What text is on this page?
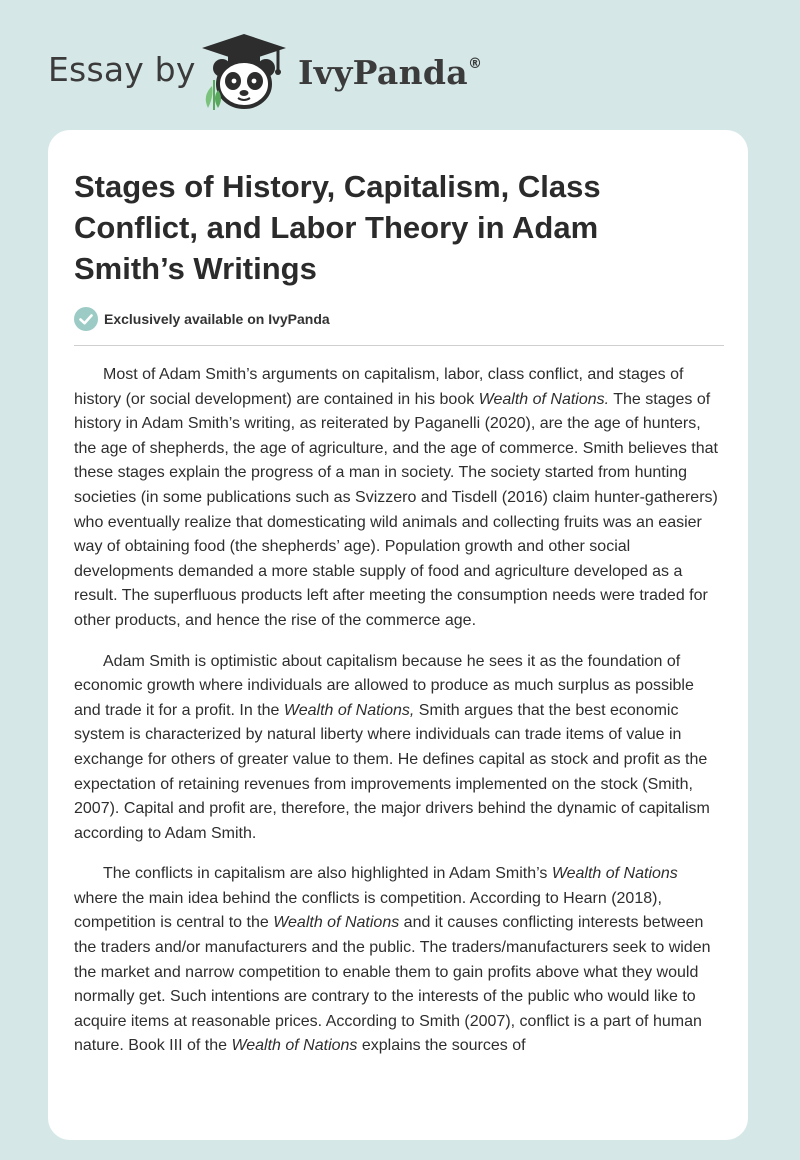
Essay by	IvyPanda®
Stages of History, Capitalism, Class Conflict, and Labor Theory in Adam Smith’s Writings
Exclusively available on IvyPanda

Most of Adam Smith’s arguments on capitalism, labor, class conflict, and stages of history (or social development) are contained in his book Wealth of Nations. The stages of history in Adam Smith’s writing, as reiterated by Paganelli (2020), are the age of hunters, the age of shepherds, the age of agriculture, and the age of commerce. Smith believes that these stages explain the progress of a man in society. The society started from hunting societies (in some publications such as Svizzero and Tisdell (2016) claim hunter-gatherers) who eventually realize that domesticating wild animals and collecting fruits was an easier way of obtaining food (the shepherds’ age). Population growth and other social developments demanded a more stable supply of food and agriculture developed as a result. The superfluous products left after meeting the consumption needs were traded for other products, and hence the rise of the commerce age.

Adam Smith is optimistic about capitalism because he sees it as the foundation of economic growth where individuals are allowed to produce as much surplus as possible and trade it for a profit. In the Wealth of Nations, Smith argues that the best economic system is characterized by natural liberty where individuals can trade items of value in exchange for others of greater value to them. He defines capital as stock and profit as the expectation of retaining revenues from improvements implemented on the stock (Smith, 2007). Capital and profit are, therefore, the major drivers behind the dynamic of capitalism according to Adam Smith.

The conflicts in capitalism are also highlighted in Adam Smith’s Wealth of Nations where the main idea behind the conflicts is competition. According to Hearn (2018), competition is central to the Wealth of Nations and it causes conflicting interests between the traders and/or manufacturers and the public. The traders/manufacturers seek to widen the market and narrow competition to enable them to gain profits above what they would normally get. Such intentions are contrary to the interests of the public who would like to acquire items at reasonable prices. According to Smith (2007), conflict is a part of human nature. Book III of the Wealth of Nations explains the sources of
